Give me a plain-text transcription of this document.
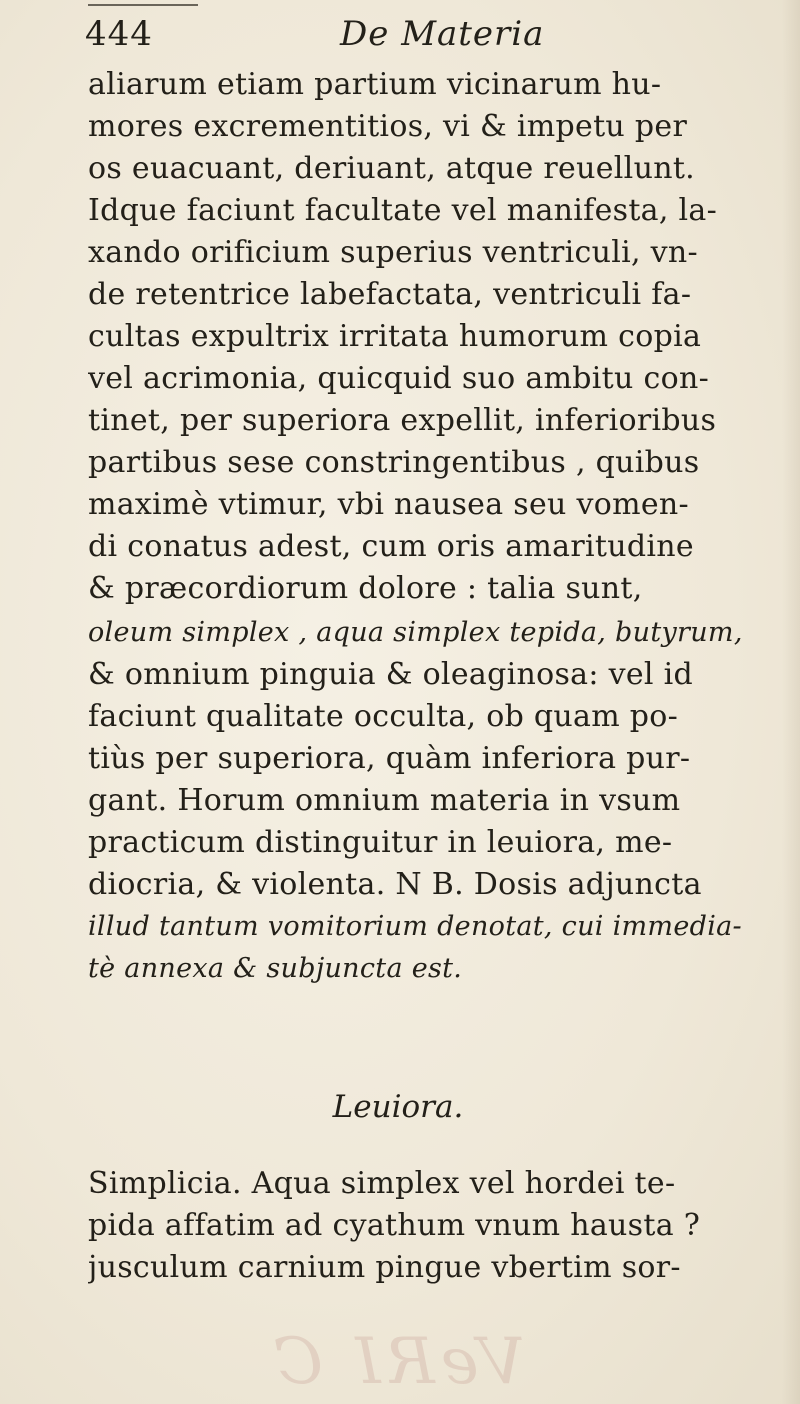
444	De Materia
aliarum etiam partium vicinarum hu-
mores excrementitios, vi & impetu per
os euacuant, deriuant, atque reuellunt.
Idque faciunt facultate vel manifesta, la-
xando orificium superius ventriculi, vn-
de retentrice labefactata, ventriculi fa-
cultas expultrix irritata humorum copia
vel acrimonia, quicquid suo ambitu con-
tinet, per superiora expellit, inferioribus
partibus sese constringentibus , quibus
maximè vtimur, vbi nausea seu vomen-
di conatus adest, cum oris amaritudine
& præcordiorum dolore : talia sunt,
oleum simplex , aqua simplex tepida, butyrum,
& omnium pinguia & oleaginosa: vel id
faciunt qualitate occulta, ob quam po-
tiùs per superiora, quàm inferiora pur-
gant. Horum omnium materia in vsum
practicum distinguitur in leuiora, me-
diocria, & violenta. N B. Dosis adjuncta
illud tantum vomitorium denotat, cui immedia-
tè annexa & subjuncta est.
Leuiora.
Simplicia. Aqua simplex vel hordei te-
pida affatim ad cyathum vnum hausta ?
jusculum carnium pingue vbertim sor-
VeRI C
